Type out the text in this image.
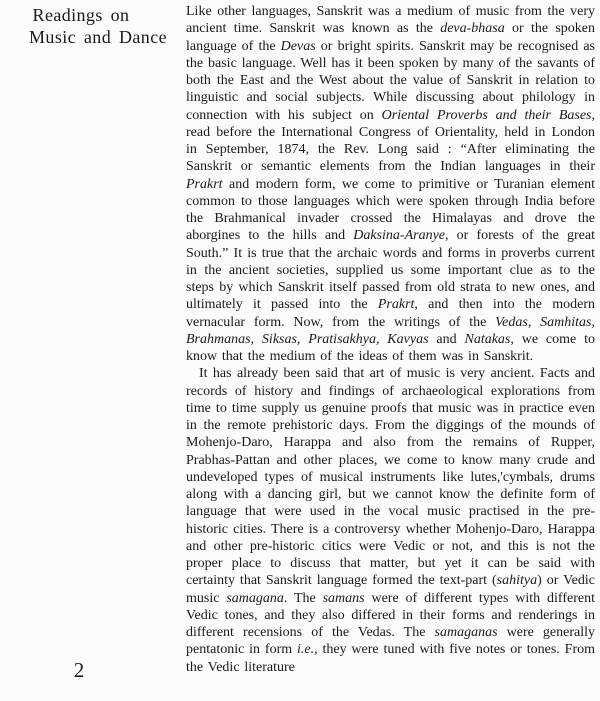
Readings on
Music and Dance
2

Like other languages, Sanskrit was a medium of music from the very ancient time. Sanskrit was known as the deva-bhasa or the spoken language of the Devas or bright spirits. Sanskrit may be recognised as the basic language. Well has it been spoken by many of the savants of both the East and the West about the value of Sanskrit in relation to linguistic and social subjects. While discussing about philology in connection with his subject on Oriental Proverbs and their Bases, read before the International Congress of Orientality, held in London in September, 1874, the Rev. Long said : “After eliminating the Sanskrit or semantic elements from the Indian languages in their Prakrt and modern form, we come to primitive or Turanian element common to those languages which were spoken through India before the Brahmanical invader crossed the Himalayas and drove the aborgines to the hills and Daksina-Aranye, or forests of the great South.” It is true that the archaic words and forms in proverbs current in the ancient societies, supplied us some important clue as to the steps by which Sanskrit itself passed from old strata to new ones, and ultimately it passed into the Prakrt, and then into the modern vernacular form. Now, from the writings of the Vedas, Samhitas, Brahmanas, Siksas, Pratisakhya, Kavyas and Natakas, we come to know that the medium of the ideas of them was in Sanskrit.

It has already been said that art of music is very ancient. Facts and records of history and findings of archaeological explorations from time to time supply us genuine proofs that music was in practice even in the remote prehistoric days. From the diggings of the mounds of Mohenjo-Daro, Harappa and also from the remains of Rupper, Prabhas-Pattan and other places, we come to know many crude and undeveloped types of musical instruments like lutes,'cymbals, drums along with a dancing girl, but we cannot know the definite form of language that were used in the vocal music practised in the pre-historic cities. There is a controversy whether Mohenjo-Daro, Harappa and other pre-historic citics were Vedic or not, and this is not the proper place to discuss that matter, but yet it can be said with certainty that Sanskrit language formed the text-part (sahitya) or Vedic music samagana. The samans were of different types with different Vedic tones, and they also differed in their forms and renderings in different recensions of the Vedas. The samaganas were generally pentatonic in form i.e., they were tuned with five notes or tones. From the Vedic literature
